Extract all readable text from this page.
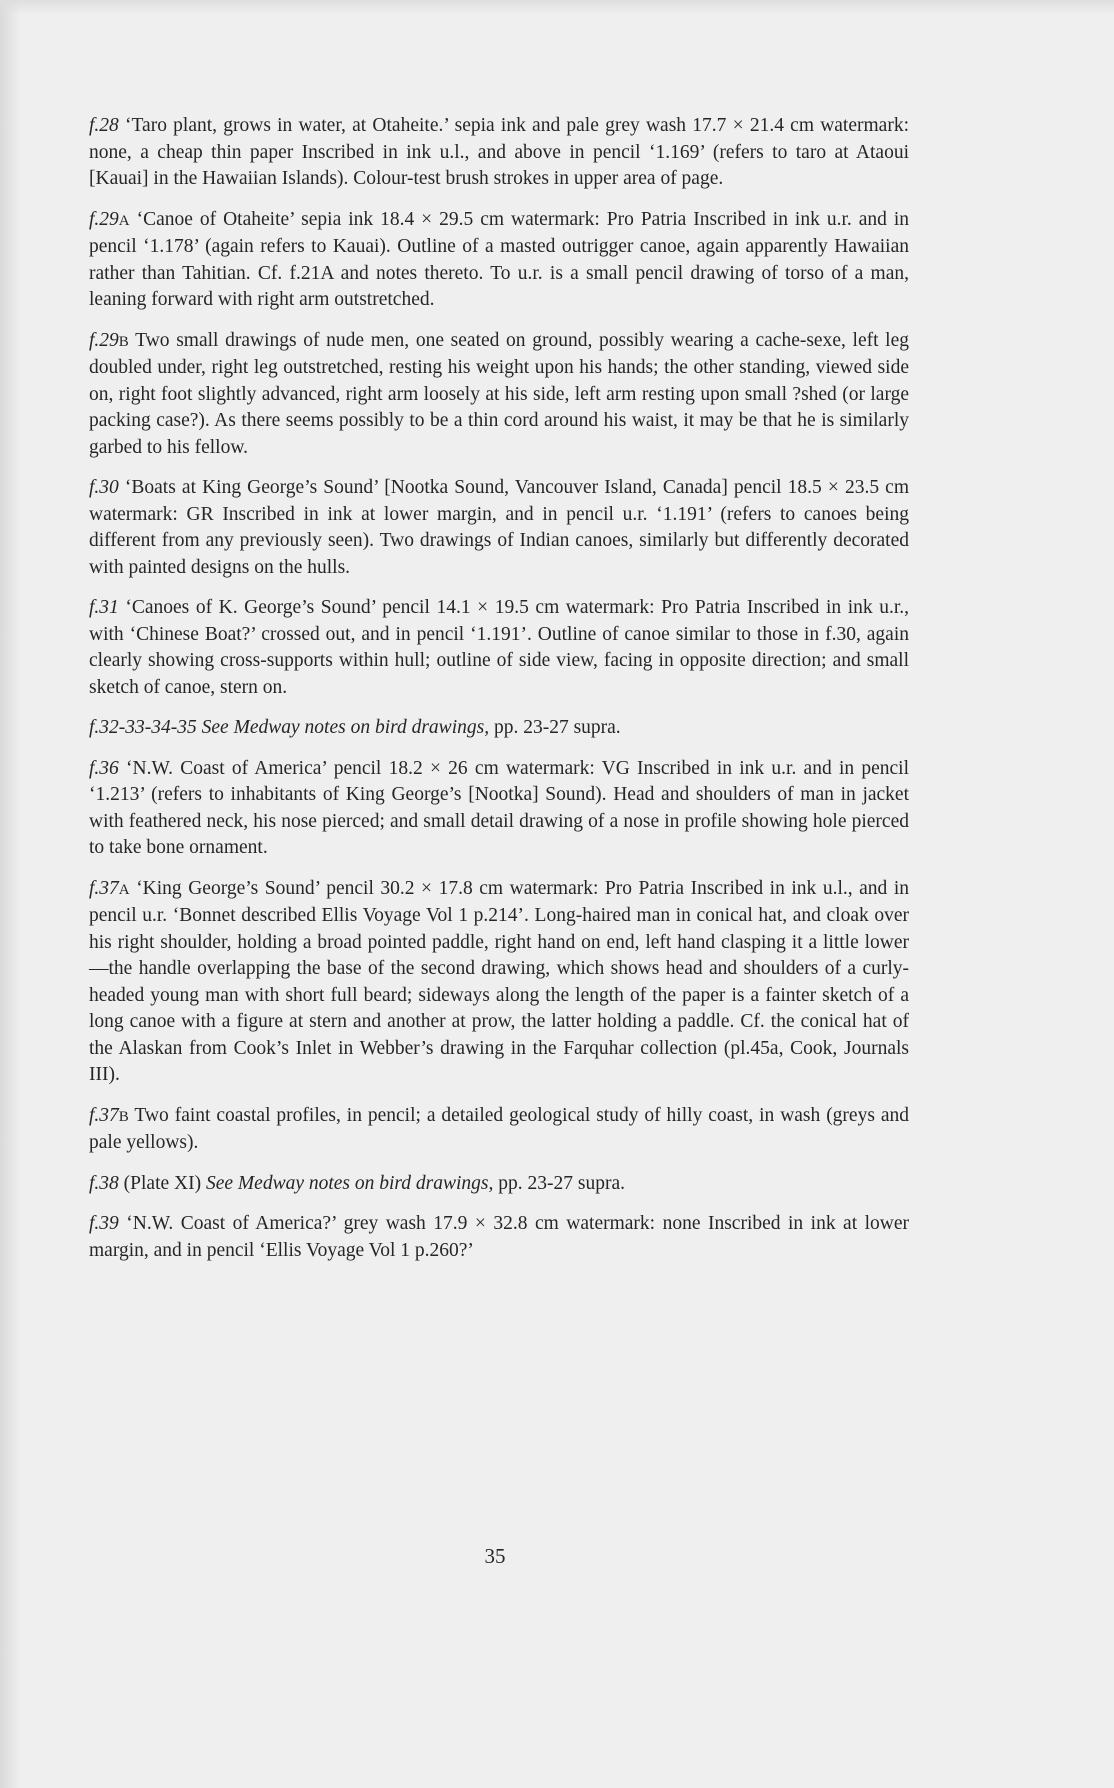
f.28 ‘Taro plant, grows in water, at Otaheite.’ sepia ink and pale grey wash 17.7 × 21.4 cm watermark: none, a cheap thin paper Inscribed in ink u.l., and above in pencil ‘1.169’ (refers to taro at Ataoui [Kauai] in the Hawaiian Islands). Colour-test brush strokes in upper area of page.

f.29A ‘Canoe of Otaheite’ sepia ink 18.4 × 29.5 cm watermark: Pro Patria Inscribed in ink u.r. and in pencil ‘1.178’ (again refers to Kauai). Outline of a masted outrigger canoe, again apparently Hawaiian rather than Tahitian. Cf. f.21A and notes thereto. To u.r. is a small pencil drawing of torso of a man, leaning forward with right arm outstretched.

f.29B Two small drawings of nude men, one seated on ground, possibly wearing a cache-sexe, left leg doubled under, right leg outstretched, resting his weight upon his hands; the other standing, viewed side on, right foot slightly advanced, right arm loosely at his side, left arm resting upon small ?shed (or large packing case?). As there seems possibly to be a thin cord around his waist, it may be that he is similarly garbed to his fellow.

f.30 ‘Boats at King George’s Sound’ [Nootka Sound, Vancouver Island, Canada] pencil 18.5 × 23.5 cm watermark: GR Inscribed in ink at lower margin, and in pencil u.r. ‘1.191’ (refers to canoes being different from any previously seen). Two drawings of Indian canoes, similarly but differently decorated with painted designs on the hulls.

f.31 ‘Canoes of K. George’s Sound’ pencil 14.1 × 19.5 cm watermark: Pro Patria Inscribed in ink u.r., with ‘Chinese Boat?’ crossed out, and in pencil ‘1.191’. Outline of canoe similar to those in f.30, again clearly showing cross-supports within hull; outline of side view, facing in opposite direction; and small sketch of canoe, stern on.

f.32-33-34-35 See Medway notes on bird drawings, pp. 23-27 supra.

f.36 ‘N.W. Coast of America’ pencil 18.2 × 26 cm watermark: VG Inscribed in ink u.r. and in pencil ‘1.213’ (refers to inhabitants of King George’s [Nootka] Sound). Head and shoulders of man in jacket with feathered neck, his nose pierced; and small detail drawing of a nose in profile showing hole pierced to take bone ornament.

f.37A ‘King George’s Sound’ pencil 30.2 × 17.8 cm watermark: Pro Patria Inscribed in ink u.l., and in pencil u.r. ‘Bonnet described Ellis Voyage Vol 1 p.214’. Long-haired man in conical hat, and cloak over his right shoulder, holding a broad pointed paddle, right hand on end, left hand clasping it a little lower—the handle overlapping the base of the second drawing, which shows head and shoulders of a curly-headed young man with short full beard; sideways along the length of the paper is a fainter sketch of a long canoe with a figure at stern and another at prow, the latter holding a paddle. Cf. the conical hat of the Alaskan from Cook’s Inlet in Webber’s drawing in the Farquhar collection (pl.45a, Cook, Journals III).

f.37B Two faint coastal profiles, in pencil; a detailed geological study of hilly coast, in wash (greys and pale yellows).

f.38 (Plate XI) See Medway notes on bird drawings, pp. 23-27 supra.

f.39 ‘N.W. Coast of America?’ grey wash 17.9 × 32.8 cm watermark: none Inscribed in ink at lower margin, and in pencil ‘Ellis Voyage Vol 1 p.260?’

35
